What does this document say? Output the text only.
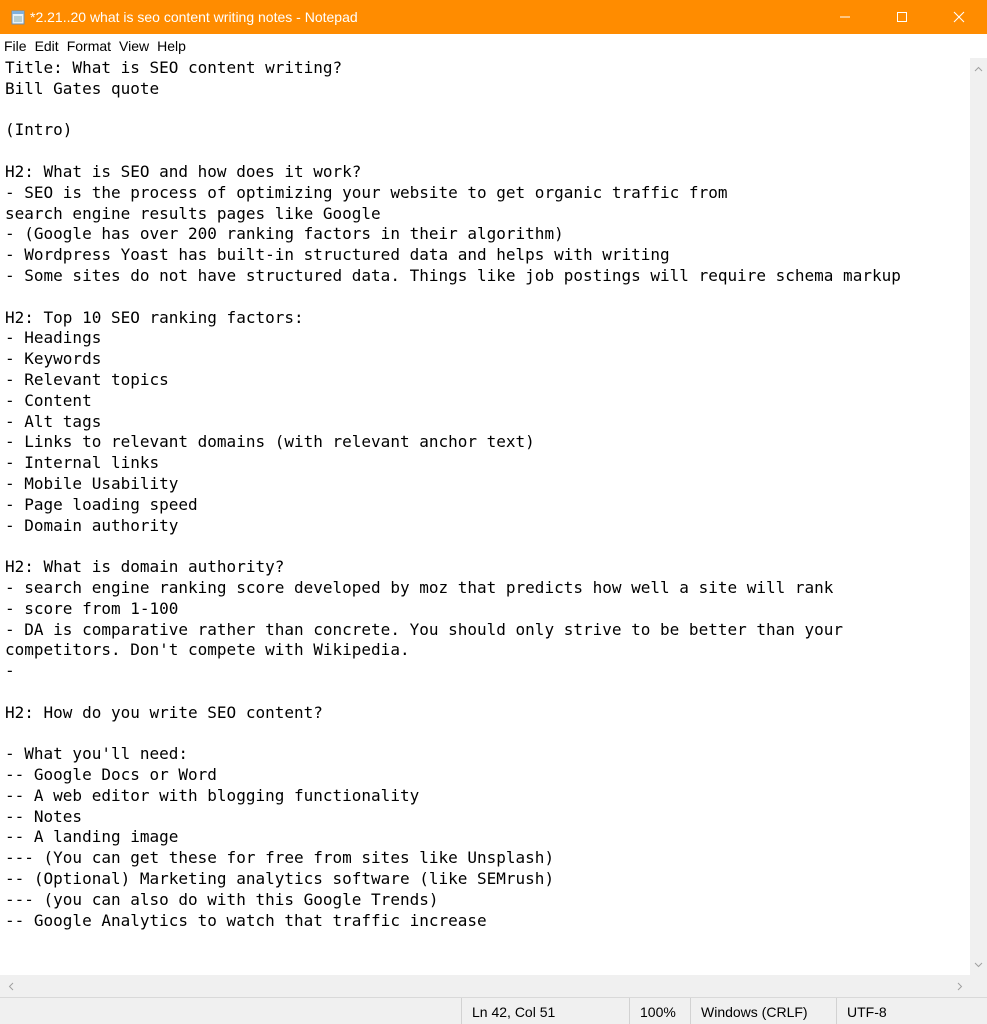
*2.21..20 what is seo content writing notes - Notepad
File Edit Format View Help
Title: What is SEO content writing?
Bill Gates quote

(Intro)

H2: What is SEO and how does it work?
- SEO is the process of optimizing your website to get organic traffic from
search engine results pages like Google
- (Google has over 200 ranking factors in their algorithm)
- Wordpress Yoast has built-in structured data and helps with writing
- Some sites do not have structured data. Things like job postings will require schema markup

H2: Top 10 SEO ranking factors:
- Headings
- Keywords
- Relevant topics
- Content
- Alt tags
- Links to relevant domains (with relevant anchor text)
- Internal links
- Mobile Usability
- Page loading speed
- Domain authority

H2: What is domain authority?
- search engine ranking score developed by moz that predicts how well a site will rank
- score from 1-100
- DA is comparative rather than concrete. You should only strive to be better than your
competitors. Don't compete with Wikipedia.
-

H2: How do you write SEO content?

- What you'll need:
-- Google Docs or Word
-- A web editor with blogging functionality
-- Notes
-- A landing image
--- (You can get these for free from sites like Unsplash)
-- (Optional) Marketing analytics software (like SEMrush)
--- (you can also do with this Google Trends)
-- Google Analytics to watch that traffic increase
Ln 42, Col 51	100%	Windows (CRLF)	UTF-8
